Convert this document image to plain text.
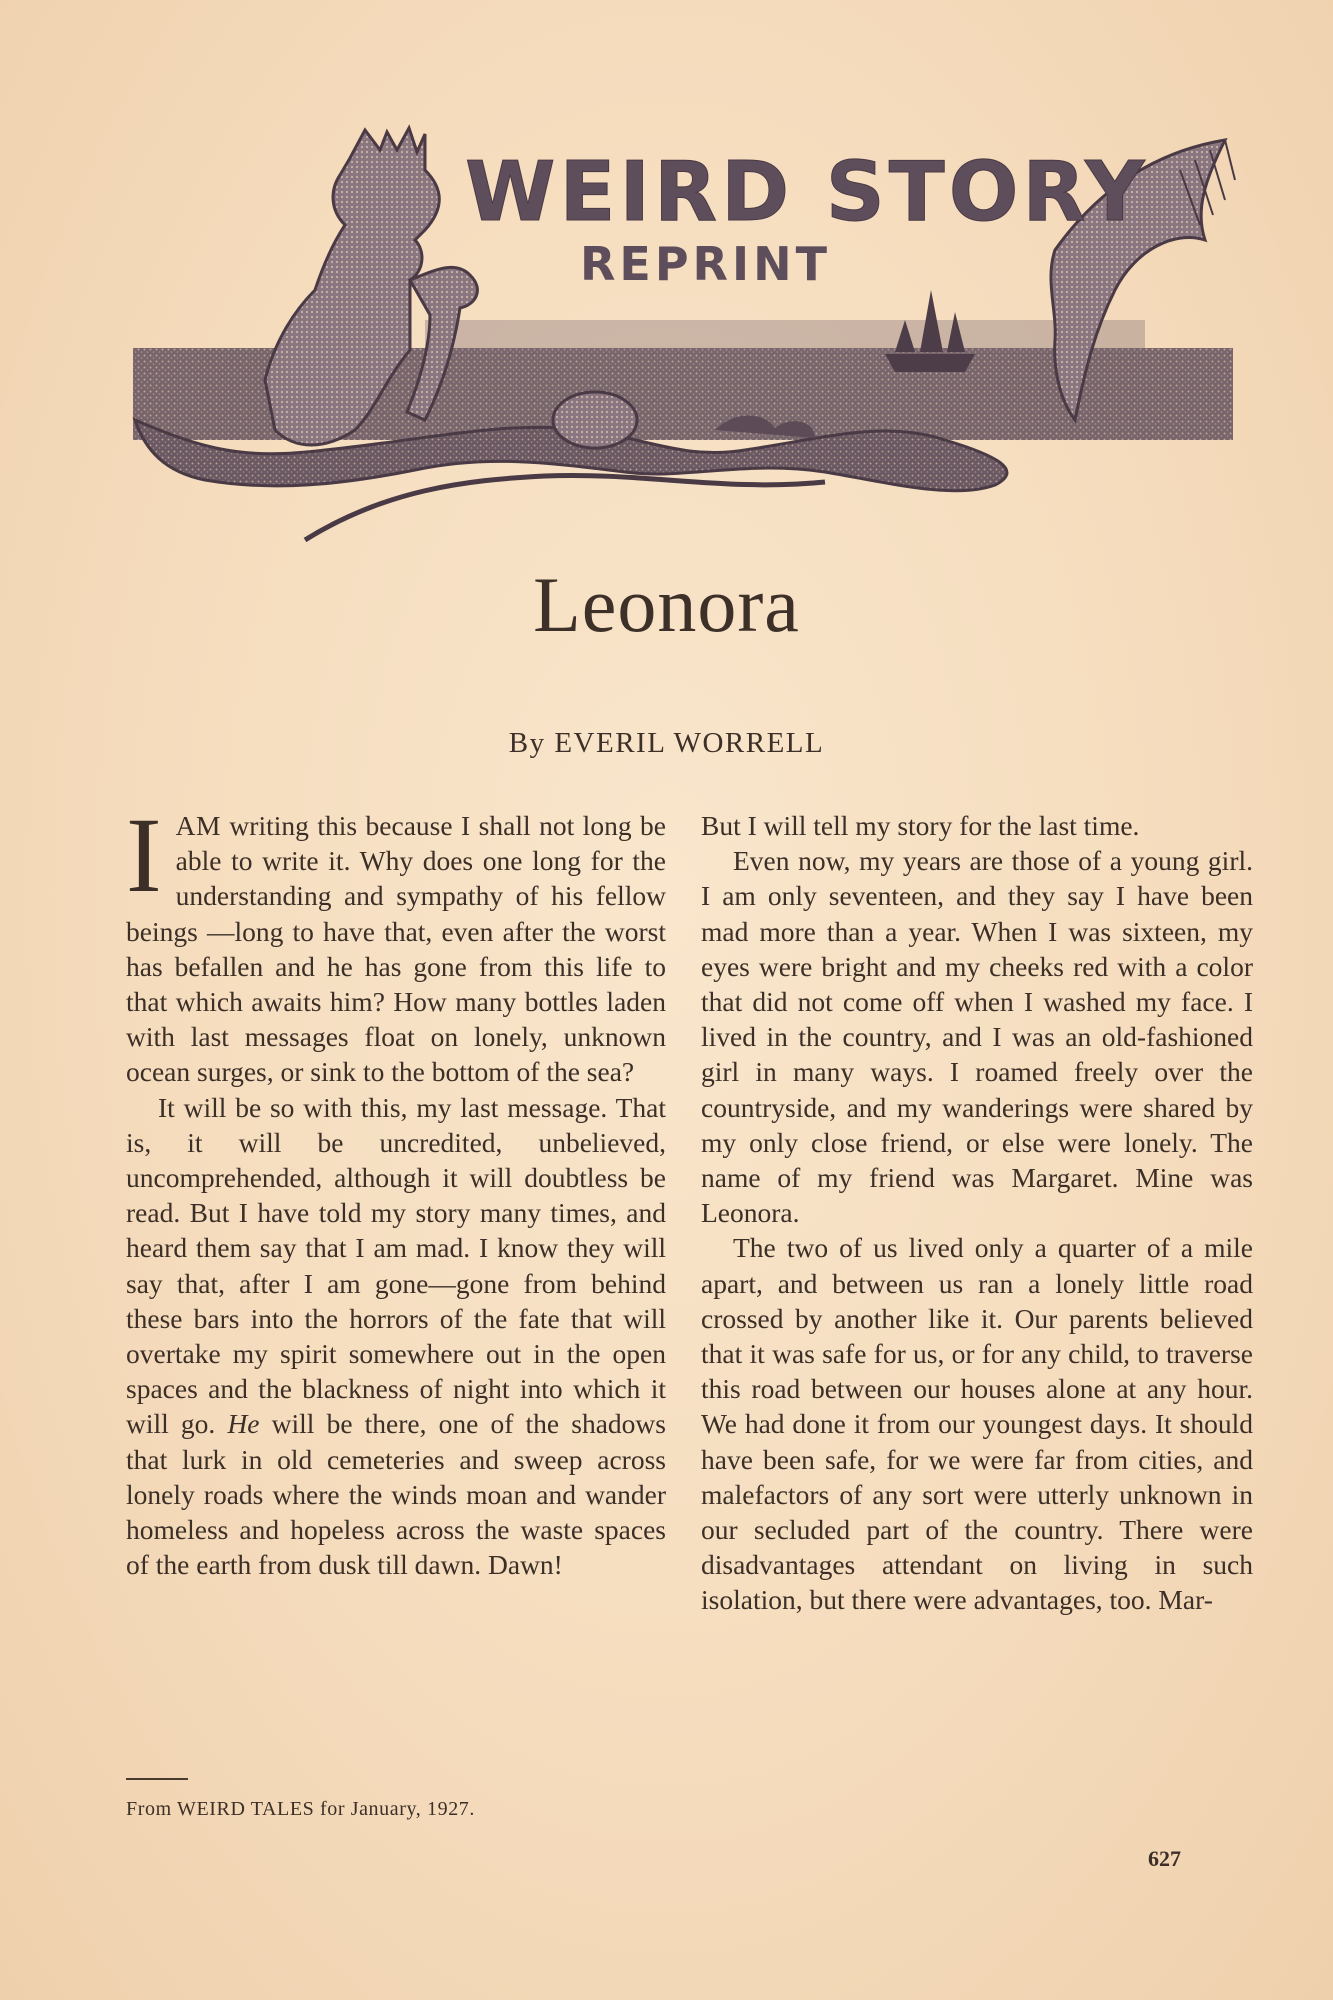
WEIRD STORY
REPRINT
Leonora
By EVERIL WORRELL

IAM writing this because I shall not long be able to write it. Why does one long for the understanding and sympathy of his fellow beings —long to have that, even after the worst has befallen and he has gone from this life to that which awaits him? How many bottles laden with last messages float on lonely, unknown ocean surges, or sink to the bottom of the sea?

It will be so with this, my last message. That is, it will be uncredited, unbelieved, uncomprehended, although it will doubtless be read. But I have told my story many times, and heard them say that I am mad. I know they will say that, after I am gone—gone from behind these bars into the horrors of the fate that will overtake my spirit somewhere out in the open spaces and the blackness of night into which it will go. He will be there, one of the shadows that lurk in old cemeteries and sweep across lonely roads where the winds moan and wander homeless and hopeless across the waste spaces of the earth from dusk till dawn. Dawn!

But I will tell my story for the last time.

Even now, my years are those of a young girl. I am only seventeen, and they say I have been mad more than a year. When I was sixteen, my eyes were bright and my cheeks red with a color that did not come off when I washed my face. I lived in the country, and I was an old-fashioned girl in many ways. I roamed freely over the countryside, and my wanderings were shared by my only close friend, or else were lonely. The name of my friend was Margaret. Mine was Leonora.

The two of us lived only a quarter of a mile apart, and between us ran a lonely little road crossed by another like it. Our parents believed that it was safe for us, or for any child, to traverse this road between our houses alone at any hour. We had done it from our youngest days. It should have been safe, for we were far from cities, and malefactors of any sort were utterly unknown in our secluded part of the country. There were disadvantages attendant on living in such isolation, but there were advantages, too. Mar-

From WEIRD TALES for January, 1927.
627
